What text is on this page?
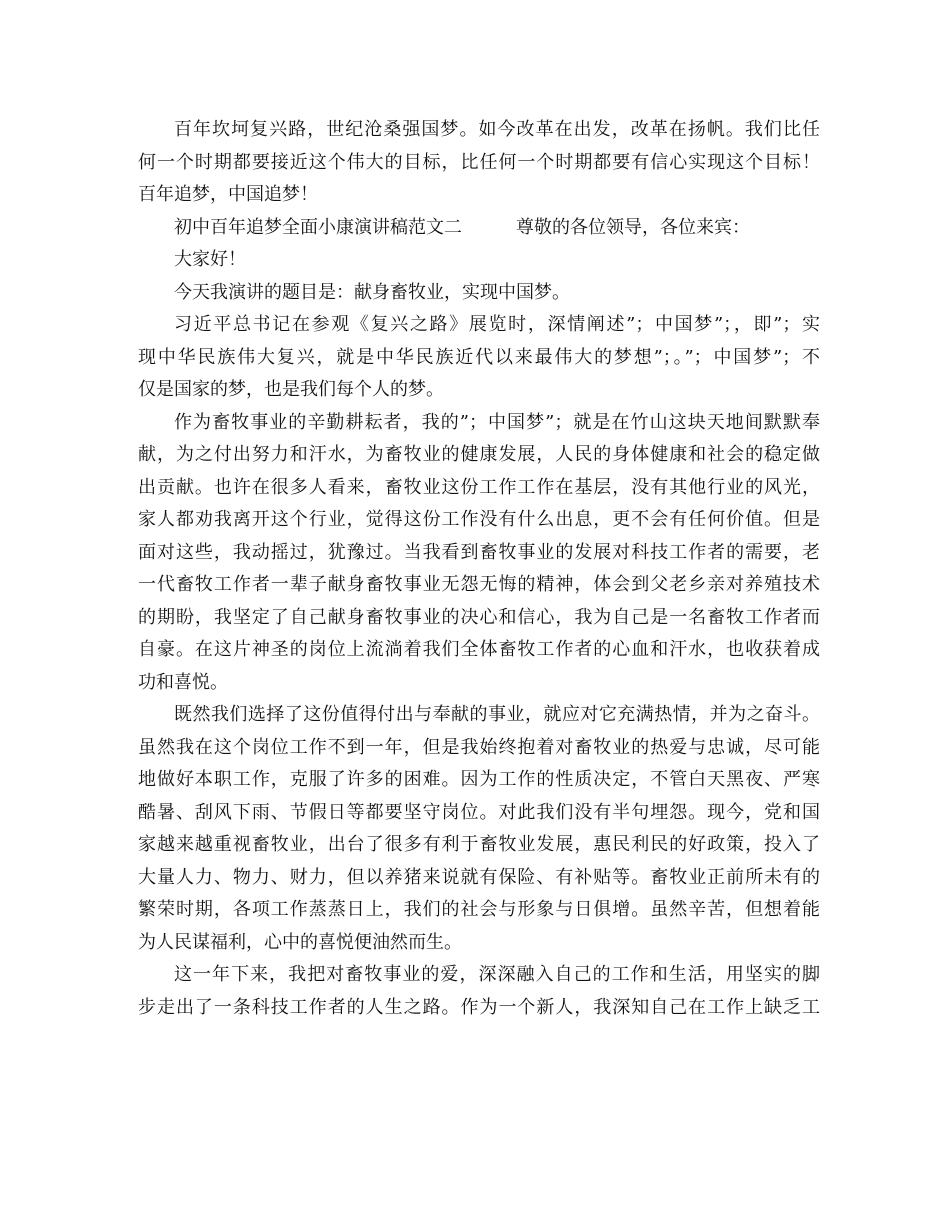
百年坎坷复兴路，世纪沧桑强国梦。如今改革在出发，改革在扬帆。我们比任
何一个时期都要接近这个伟大的目标，比任何一个时期都要有信心实现这个目标！
百年追梦，中国追梦！
初中百年追梦全面小康演讲稿范文二	尊敬的各位领导，各位来宾：
大家好！
今天我演讲的题目是：献身畜牧业，实现中国梦。
习近平总书记在参观《复兴之路》展览时，深情阐述”；中国梦”；，即”；实
现中华民族伟大复兴，就是中华民族近代以来最伟大的梦想”；。”；中国梦”；不
仅是国家的梦，也是我们每个人的梦。
作为畜牧事业的辛勤耕耘者，我的”；中国梦”；就是在竹山这块天地间默默奉
献，为之付出努力和汗水，为畜牧业的健康发展，人民的身体健康和社会的稳定做
出贡献。也许在很多人看来，畜牧业这份工作工作在基层，没有其他行业的风光，
家人都劝我离开这个行业，觉得这份工作没有什么出息，更不会有任何价值。但是
面对这些，我动摇过，犹豫过。当我看到畜牧事业的发展对科技工作者的需要，老
一代畜牧工作者一辈子献身畜牧事业无怨无悔的精神，体会到父老乡亲对养殖技术
的期盼，我坚定了自己献身畜牧事业的决心和信心，我为自己是一名畜牧工作者而
自豪。在这片神圣的岗位上流淌着我们全体畜牧工作者的心血和汗水，也收获着成
功和喜悦。
既然我们选择了这份值得付出与奉献的事业，就应对它充满热情，并为之奋斗。
虽然我在这个岗位工作不到一年，但是我始终抱着对畜牧业的热爱与忠诚，尽可能
地做好本职工作，克服了许多的困难。因为工作的性质决定，不管白天黑夜、严寒
酷暑、刮风下雨、节假日等都要坚守岗位。对此我们没有半句埋怨。现今，党和国
家越来越重视畜牧业，出台了很多有利于畜牧业发展，惠民利民的好政策，投入了
大量人力、物力、财力，但以养猪来说就有保险、有补贴等。畜牧业正前所未有的
繁荣时期，各项工作蒸蒸日上，我们的社会与形象与日俱增。虽然辛苦，但想着能
为人民谋福利，心中的喜悦便油然而生。
这一年下来，我把对畜牧事业的爱，深深融入自己的工作和生活，用坚实的脚
步走出了一条科技工作者的人生之路。作为一个新人，我深知自己在工作上缺乏工
